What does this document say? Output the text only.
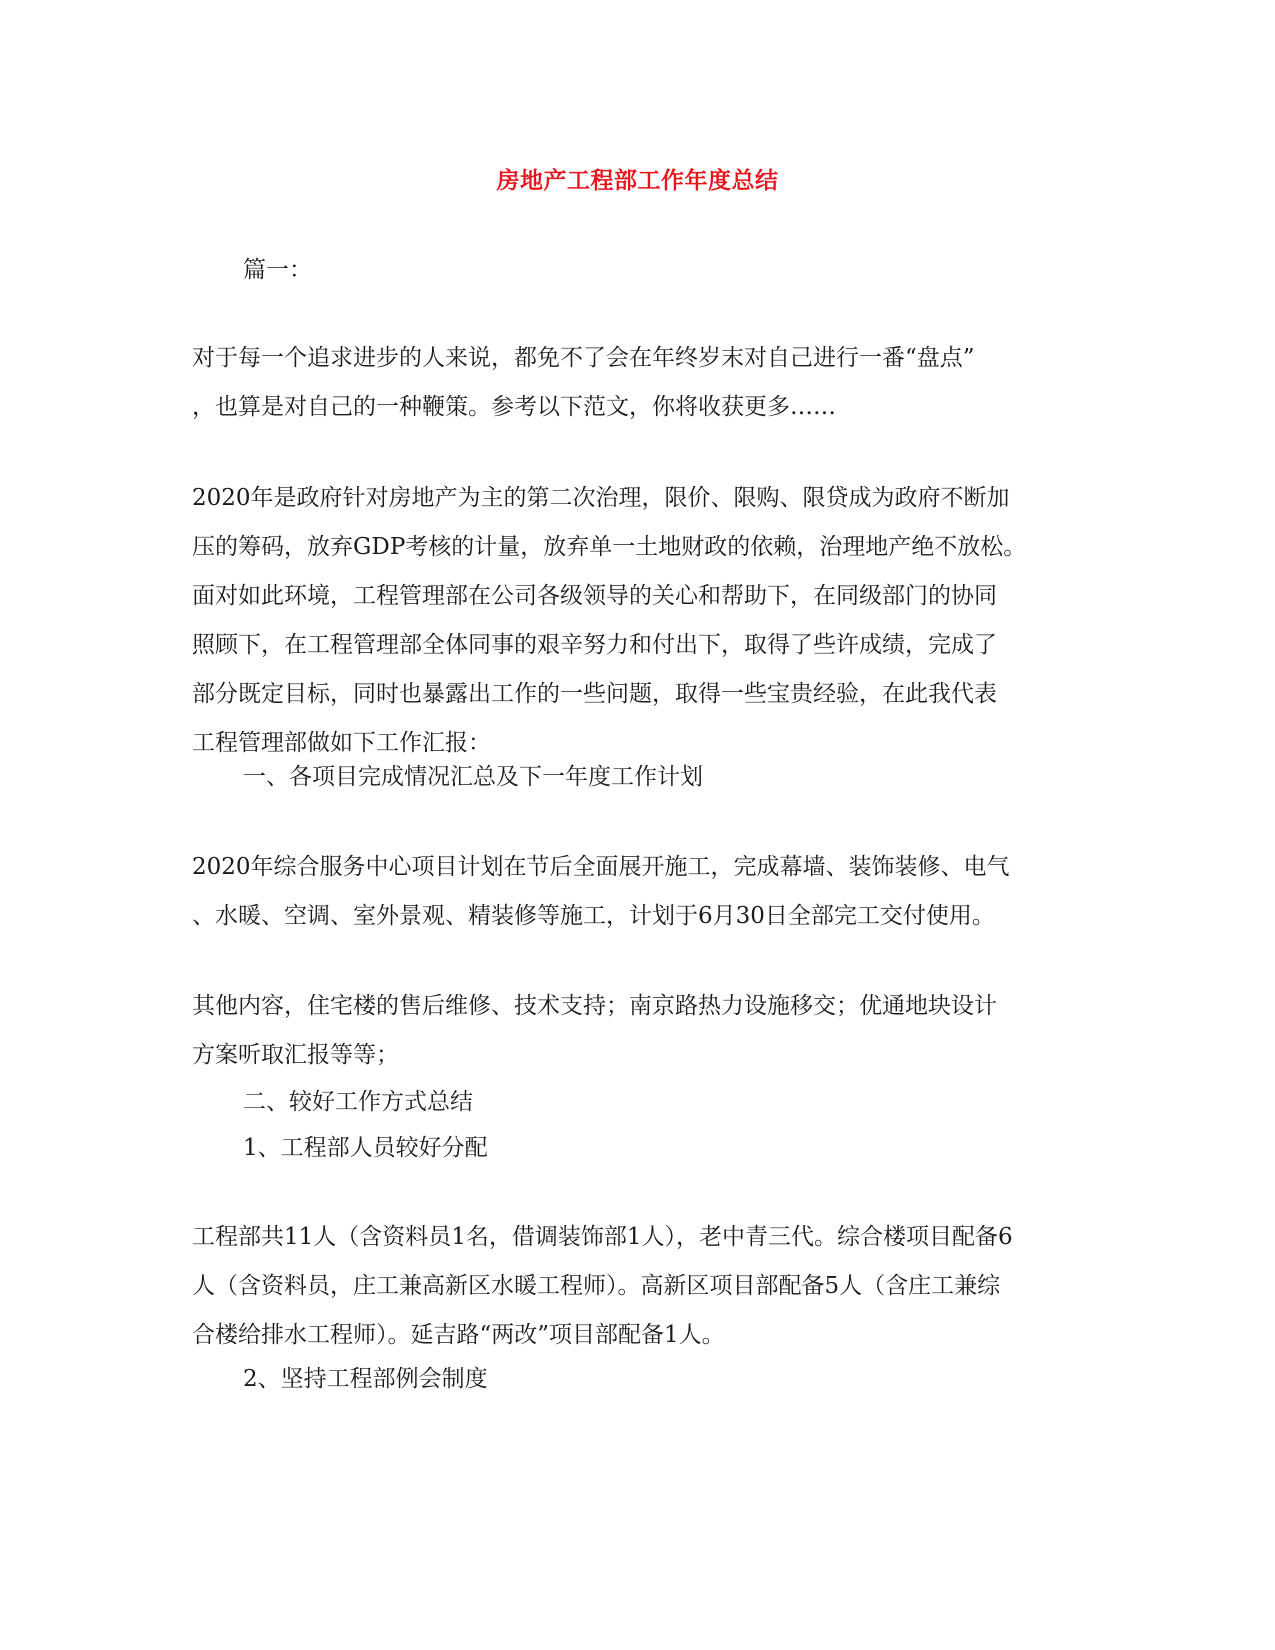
房地产工程部工作年度总结
篇一：
对于每一个追求进步的人来说，都免不了会在年终岁末对自己进行一番“盘点”
，也算是对自己的一种鞭策。参考以下范文，你将收获更多……
2020年是政府针对房地产为主的第二次治理，限价、限购、限贷成为政府不断加
压的筹码，放弃GDP考核的计量，放弃单一土地财政的依赖，治理地产绝不放松。
面对如此环境，工程管理部在公司各级领导的关心和帮助下，在同级部门的协同
照顾下，在工程管理部全体同事的艰辛努力和付出下，取得了些许成绩，完成了
部分既定目标，同时也暴露出工作的一些问题，取得一些宝贵经验，在此我代表
工程管理部做如下工作汇报：
一、各项目完成情况汇总及下一年度工作计划
2020年综合服务中心项目计划在节后全面展开施工，完成幕墙、装饰装修、电气
、水暖、空调、室外景观、精装修等施工，计划于6月30日全部完工交付使用。
其他内容，住宅楼的售后维修、技术支持；南京路热力设施移交；优通地块设计
方案听取汇报等等；
二、较好工作方式总结
1、工程部人员较好分配
工程部共11人（含资料员1名，借调装饰部1人），老中青三代。综合楼项目配备6
人（含资料员，庄工兼高新区水暖工程师）。高新区项目部配备5人（含庄工兼综
合楼给排水工程师）。延吉路“两改”项目部配备1人。
2、坚持工程部例会制度
